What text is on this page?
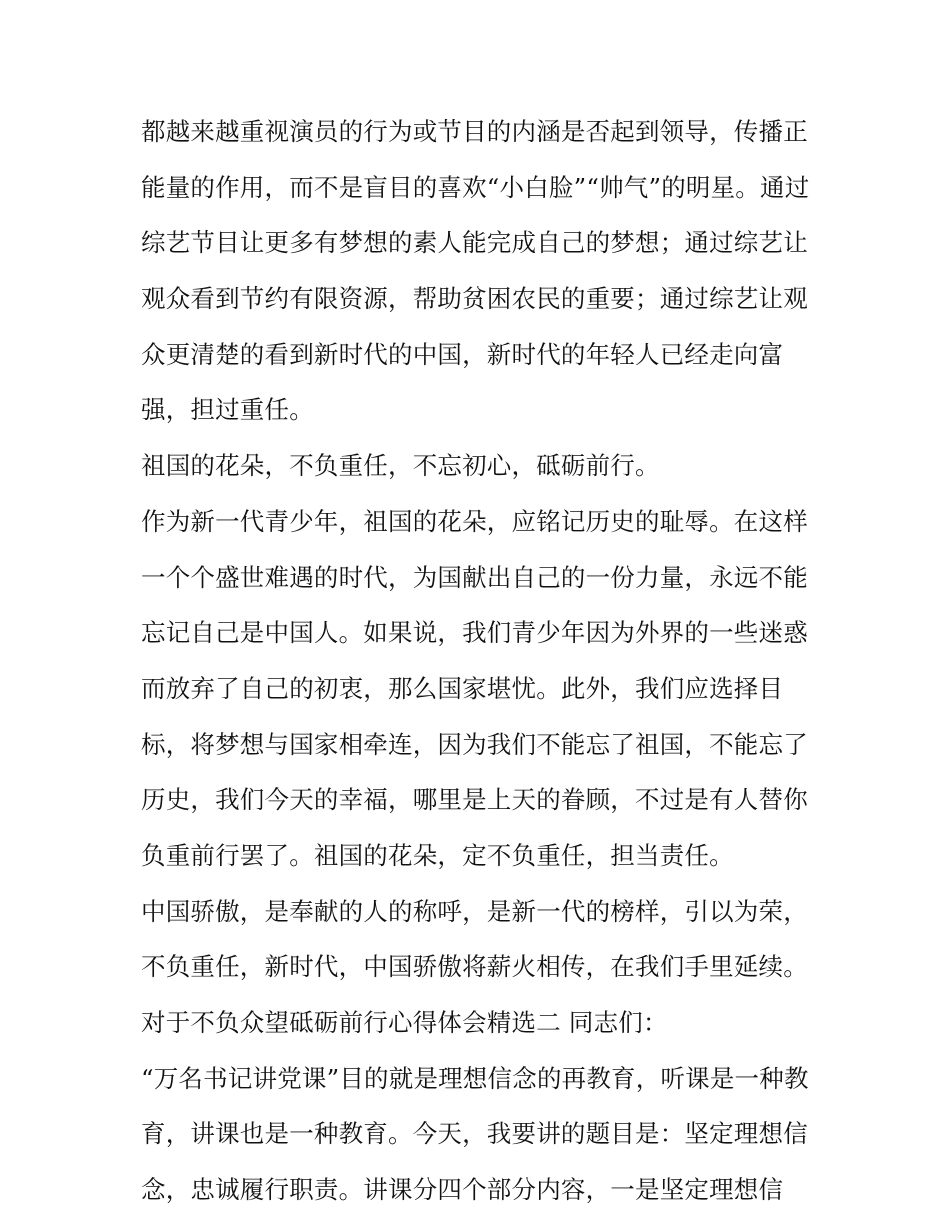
都越来越重视演员的行为或节目的内涵是否起到领导，传播正
能量的作用，而不是盲目的喜欢“小白脸”“帅气”的明星。通过
综艺节目让更多有梦想的素人能完成自己的梦想；通过综艺让
观众看到节约有限资源，帮助贫困农民的重要；通过综艺让观
众更清楚的看到新时代的中国，新时代的年轻人已经走向富
强，担过重任。
祖国的花朵，不负重任，不忘初心，砥砺前行。
作为新一代青少年，祖国的花朵，应铭记历史的耻辱。在这样
一个个盛世难遇的时代，为国献出自己的一份力量，永远不能
忘记自己是中国人。如果说，我们青少年因为外界的一些迷惑
而放弃了自己的初衷，那么国家堪忧。此外，我们应选择目
标，将梦想与国家相牵连，因为我们不能忘了祖国，不能忘了
历史，我们今天的幸福，哪里是上天的眷顾，不过是有人替你
负重前行罢了。祖国的花朵，定不负重任，担当责任。
中国骄傲，是奉献的人的称呼，是新一代的榜样，引以为荣，
不负重任，新时代，中国骄傲将薪火相传，在我们手里延续。
对于不负众望砥砺前行心得体会精选二 同志们：
“万名书记讲党课”目的就是理想信念的再教育，听课是一种教
育，讲课也是一种教育。今天，我要讲的题目是：坚定理想信
念，忠诚履行职责。讲课分四个部分内容，一是坚定理想信
